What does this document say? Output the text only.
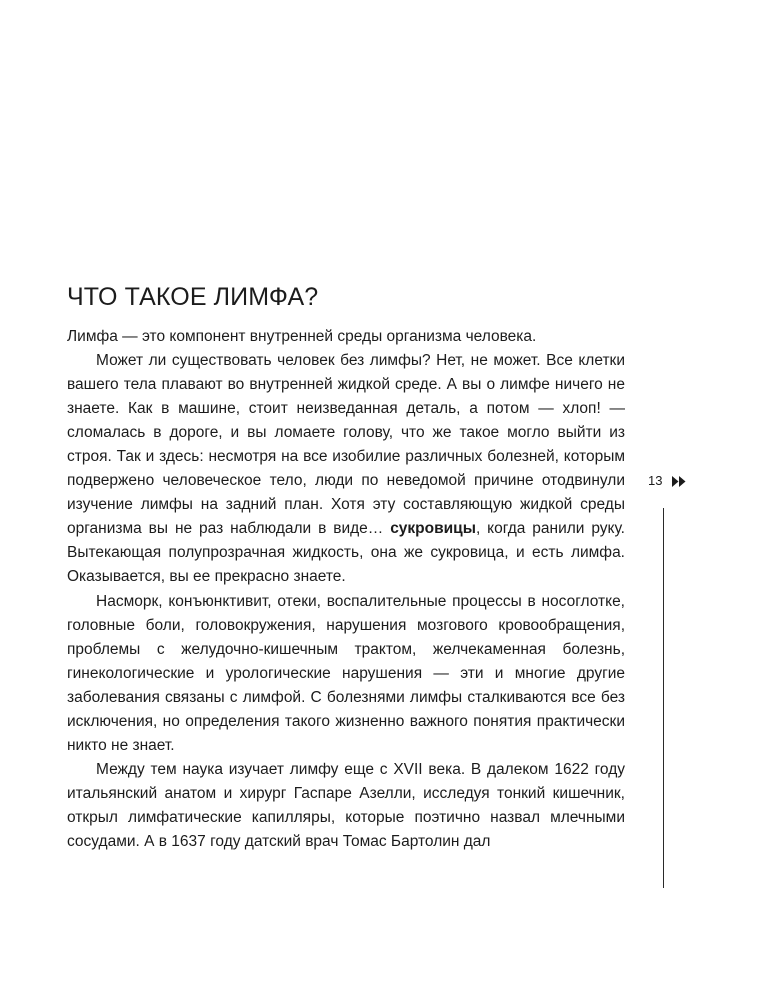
ЧТО ТАКОЕ ЛИМФА?

Лимфа — это компонент внутренней среды организма человека.

Может ли существовать человек без лимфы? Нет, не может. Все клетки вашего тела плавают во внутренней жидкой среде. А вы о лимфе ничего не знаете. Как в машине, стоит неизведанная деталь, а потом — хлоп! — сломалась в дороге, и вы ломаете голову, что же такое могло выйти из строя. Так и здесь: несмотря на все изобилие различных болезней, которым подвержено человеческое тело, люди по неведомой причине отодвинули изучение лимфы на задний план. Хотя эту составляющую жидкой среды организма вы не раз наблюдали в виде… сукровицы, когда ранили руку. Вытекающая полупрозрачная жидкость, она же сукровица, и есть лимфа. Оказывается, вы ее прекрасно знаете.

Насморк, конъюнктивит, отеки, воспалительные процессы в носоглотке, головные боли, головокружения, нарушения мозгового кровообращения, проблемы с желудочно-кишечным трактом, желчекаменная болезнь, гинекологические и урологические нарушения — эти и многие другие заболевания связаны с лимфой. С болезнями лимфы сталкиваются все без исключения, но определения такого жизненно важного понятия практически никто не знает.

Между тем наука изучает лимфу еще с XVII века. В далеком 1622 году итальянский анатом и хирург Гаспаре Азелли, исследуя тонкий кишечник, открыл лимфатические капилляры, которые поэтично назвал млечными сосудами. А в 1637 году датский врач Томас Бартолин дал

13
